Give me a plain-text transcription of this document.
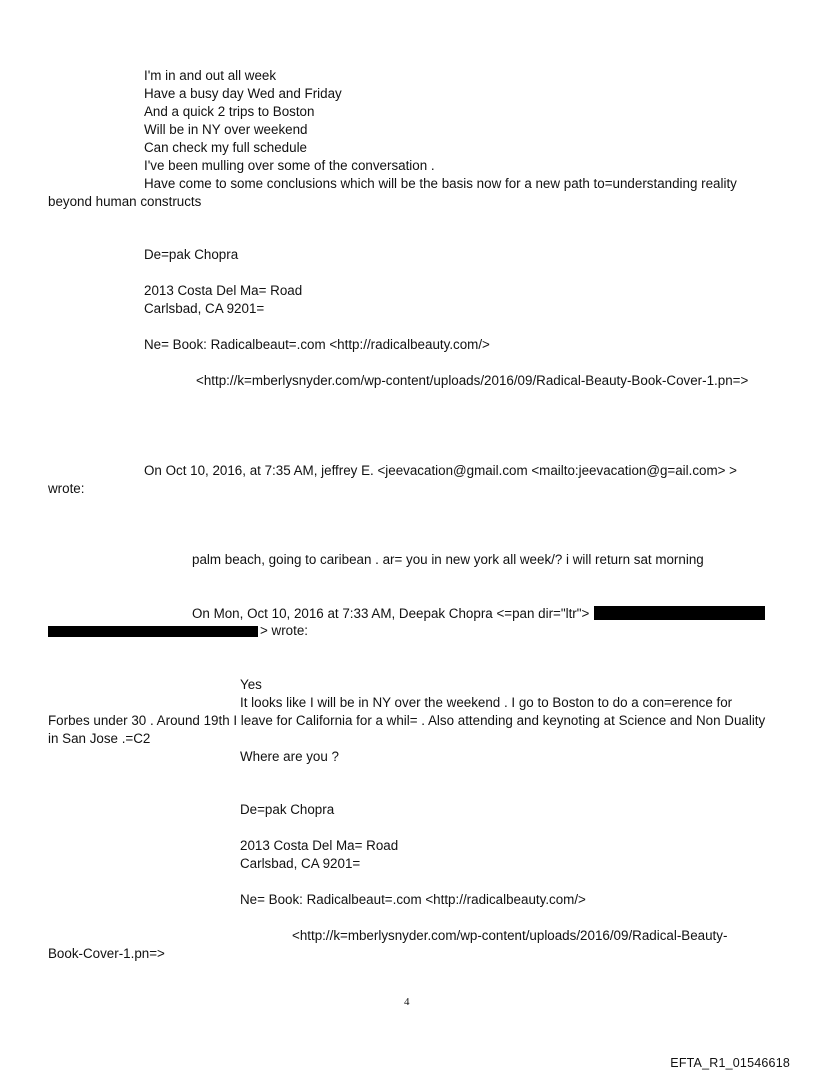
I'm in and out all week
Have a busy day Wed and Friday
And a quick 2 trips to Boston
Will be in NY over weekend
Can check my full schedule
I've been mulling over some of the conversation .
Have come to some conclusions which will be the basis now for a new path to=understanding reality
beyond human constructs
De=pak Chopra
2013 Costa Del Ma= Road
Carlsbad, CA 9201=
Ne= Book: Radicalbeaut=.com <http://radicalbeauty.com/>
<http://k=mberlysnyder.com/wp-content/uploads/2016/09/Radical-Beauty-Book-Cover-1.pn=>
On Oct 10, 2016, at 7:35 AM, jeffrey E. <jeevacation@gmail.com <mailto:jeevacation@g=ail.com> >
wrote:
palm beach, going to caribean . ar= you in new york all week/? i will return sat morning
On Mon, Oct 10, 2016 at 7:33 AM, Deepak Chopra <=pan dir="ltr">
> wrote:
Yes
It looks like I will be in NY over the weekend . I go to Boston to do a con=erence for
Forbes under 30 . Around 19th I leave for California for a whil= . Also attending and keynoting at Science and Non Duality
in San Jose .=C2
Where are you ?
De=pak Chopra
2013 Costa Del Ma= Road
Carlsbad, CA 9201=
Ne= Book: Radicalbeaut=.com <http://radicalbeauty.com/>
<http://k=mberlysnyder.com/wp-content/uploads/2016/09/Radical-Beauty-
Book-Cover-1.pn=>
4
EFTA_R1_01546618
